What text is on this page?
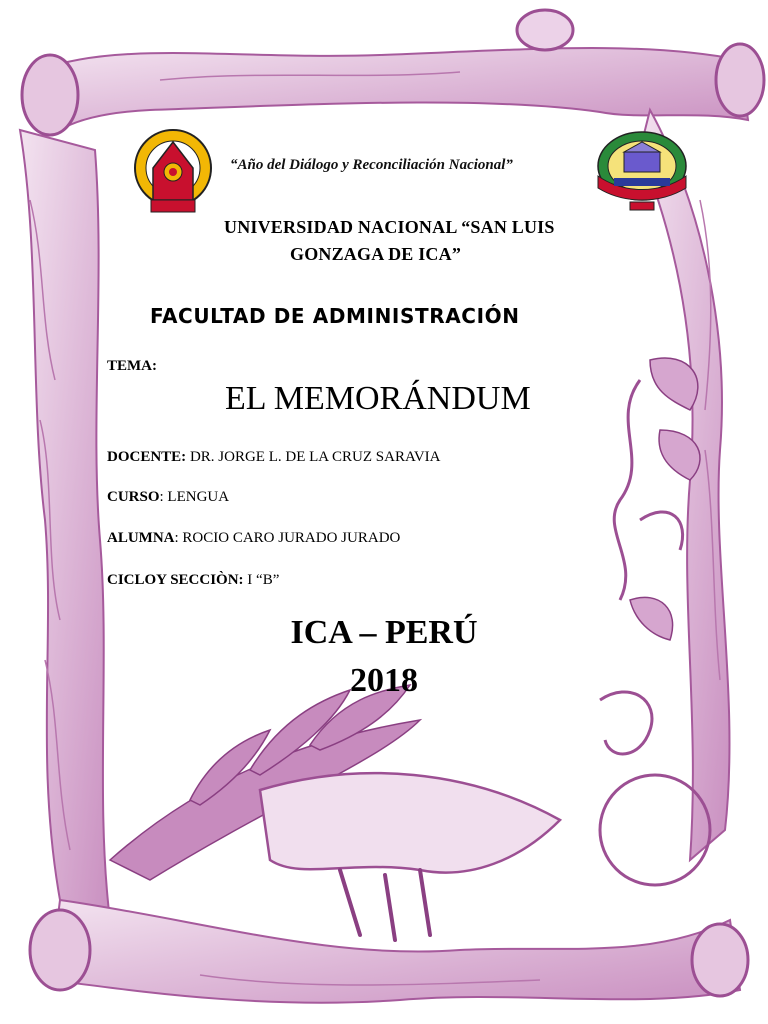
“Año del Diálogo y Reconciliación Nacional”
UNIVERSIDAD NACIONAL “SAN LUIS
GONZAGA DE ICA”
FACULTAD DE ADMINISTRACIÓN
TEMA:
EL MEMORÁNDUM
DOCENTE: DR. JORGE L. DE LA CRUZ SARAVIA
CURSO: LENGUA
ALUMNA: ROCIO CARO JURADO JURADO
CICLOY SECCIÒN: I “B”
ICA – PERÚ
2018
